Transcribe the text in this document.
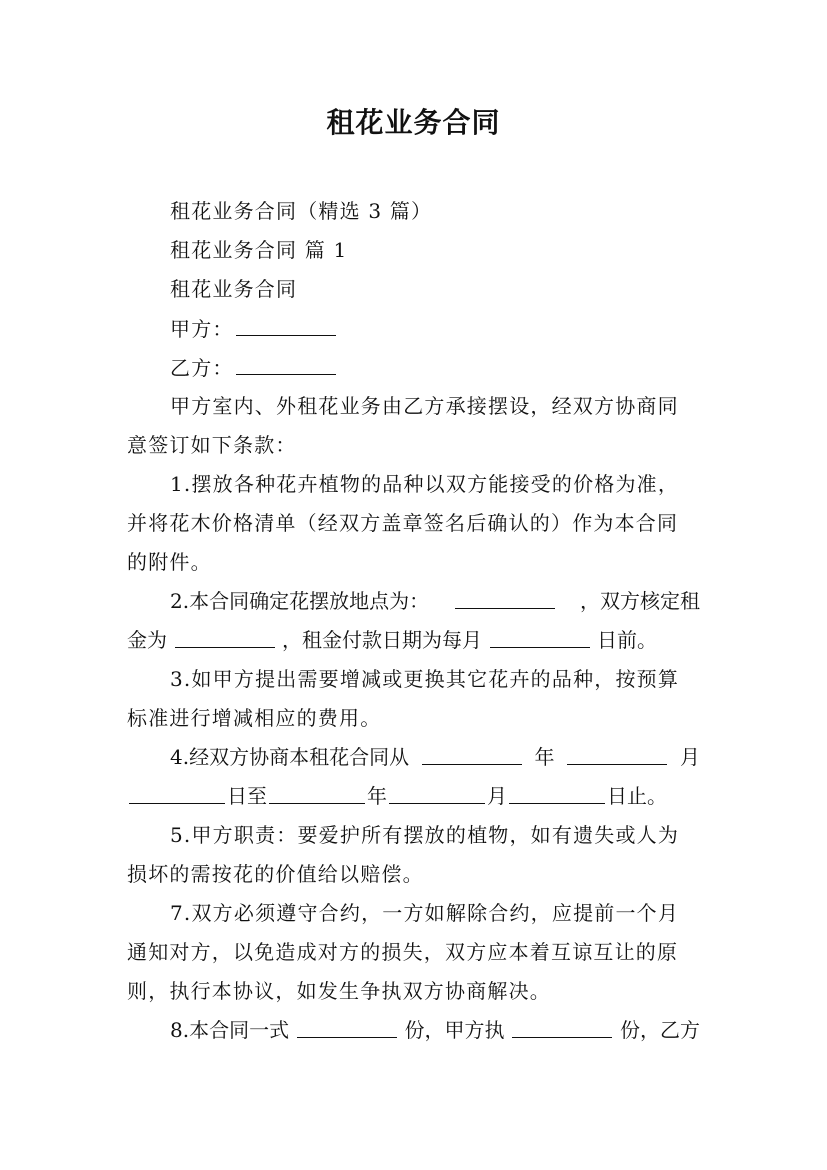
租花业务合同
租花业务合同（精选 3 篇）
租花业务合同 篇 1
租花业务合同
甲方：
乙方：
甲方室内、外租花业务由乙方承接摆设，经双方协商同
意签订如下条款：
1.摆放各种花卉植物的品种以双方能接受的价格为准，
并将花木价格清单（经双方盖章签名后确认的）作为本合同
的附件。
2.本合同确定花摆放地点为：	，双方核定租
金为	，租金付款日期为每月	日前。
3.如甲方提出需要增减或更换其它花卉的品种，按预算
标准进行增减相应的费用。
4.经双方协商本租花合同从	年	月
日至	年	月	日止。
5.甲方职责：要爱护所有摆放的植物，如有遗失或人为
损坏的需按花的价值给以赔偿。
7.双方必须遵守合约，一方如解除合约，应提前一个月
通知对方，以免造成对方的损失，双方应本着互谅互让的原
则，执行本协议，如发生争执双方协商解决。
8.本合同一式	份，甲方执	份，乙方
